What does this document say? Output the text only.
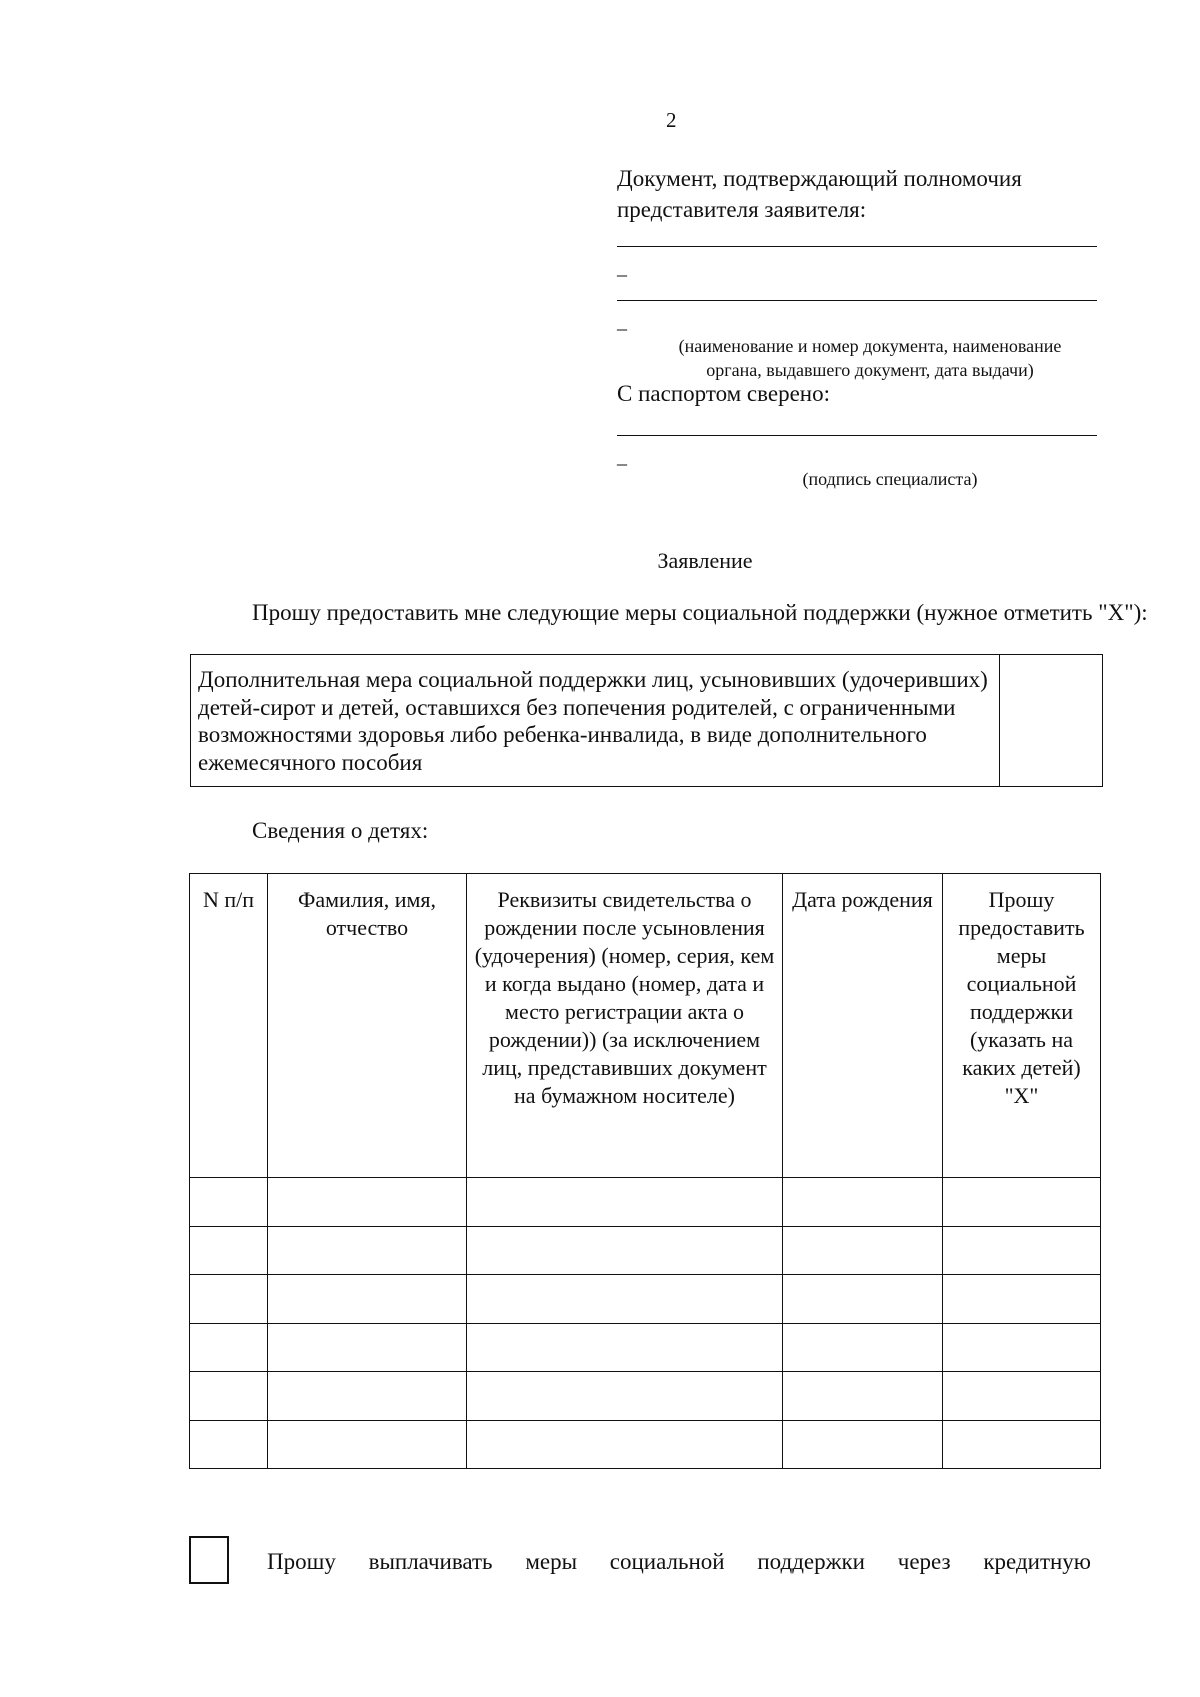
2
Документ, подтверждающий полномочия представителя заявителя:
_
_
(наименование и номер документа, наименование
органа, выдавшего документ, дата выдачи)
С паспортом сверено:
_
(подпись специалиста)
Заявление
Прошу предоставить мне следующие меры социальной поддержки (нужное отметить "X"):
Дополнительная мера социальной поддержки лиц, усыновивших (удочеривших) детей-сирот и детей, оставшихся без попечения родителей, с ограниченными возможностями здоровья либо ребенка-инвалида, в виде дополнительного ежемесячного пособия	
Сведения о детях:
N п/п	Фамилия, имя, отчество	Реквизиты свидетельства о рождении после усыновления (удочерения) (номер, серия, кем и когда выдано (номер, дата и место регистрации акта о рождении)) (за исключением лиц, представивших документ на бумажном носителе)	Дата рождения	Прошу предоставить меры социальной поддержки (указать на каких детей) "X"

Прошу выплачивать меры социальной поддержки через кредитную
